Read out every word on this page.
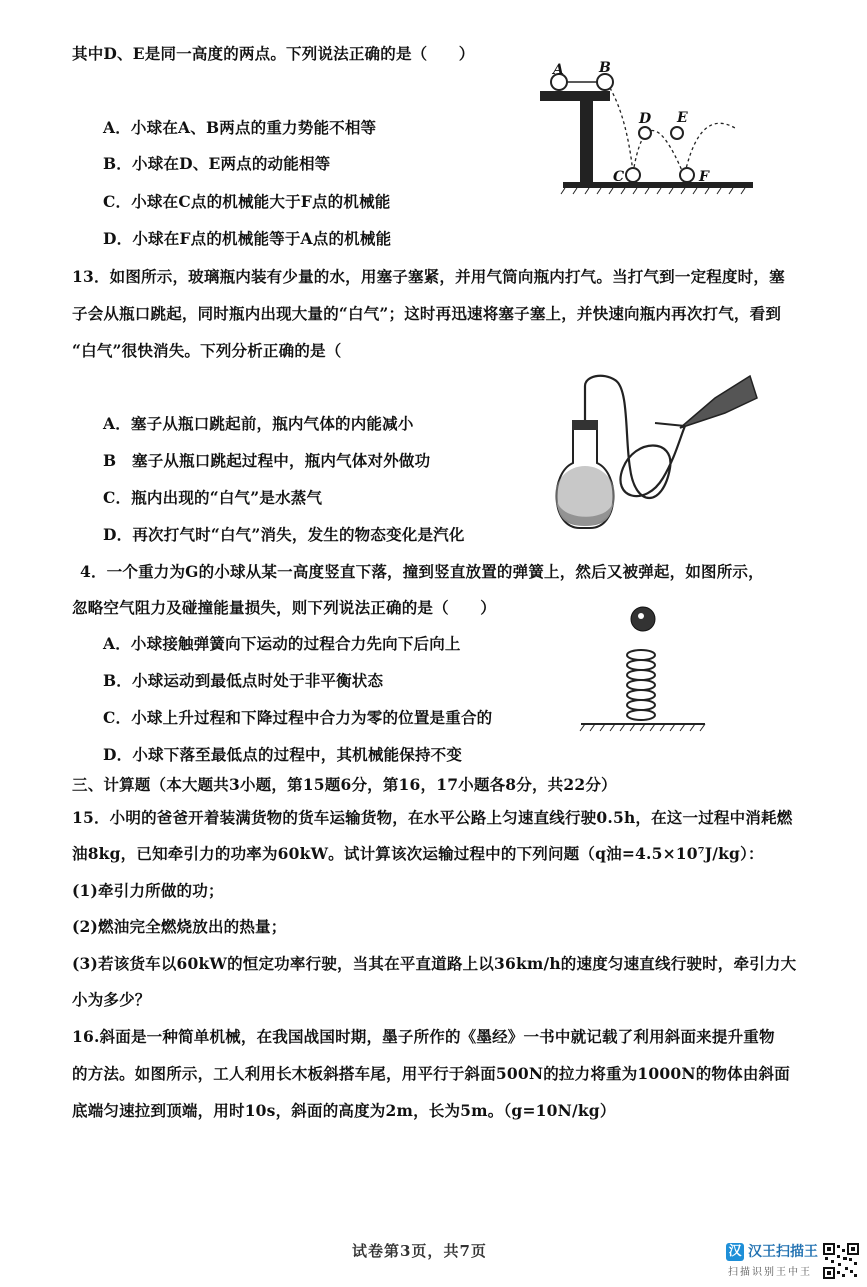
其中D、E是同一高度的两点。下列说法正确的是（　　）
A．小球在A、B两点的重力势能不相等
B．小球在D、E两点的动能相等
C．小球在C点的机械能大于F点的机械能
D．小球在F点的机械能等于A点的机械能
13．如图所示，玻璃瓶内装有少量的水，用塞子塞紧，并用气筒向瓶内打气。当打气到一定程度时，塞
子会从瓶口跳起，同时瓶内出现大量的“白气”；这时再迅速将塞子塞上，并快速向瓶内再次打气，看到
“白气”很快消失。下列分析正确的是（
A．塞子从瓶口跳起前，瓶内气体的内能减小
B　塞子从瓶口跳起过程中，瓶内气体对外做功
C．瓶内出现的“白气”是水蒸气
D．再次打气时“白气”消失，发生的物态变化是汽化
4．一个重力为G的小球从某一高度竖直下落，撞到竖直放置的弹簧上，然后又被弹起，如图所示，
忽略空气阻力及碰撞能量损失，则下列说法正确的是（　　）
A．小球接触弹簧向下运动的过程合力先向下后向上
B．小球运动到最低点时处于非平衡状态
C．小球上升过程和下降过程中合力为零的位置是重合的
D．小球下落至最低点的过程中，其机械能保持不变
三、计算题（本大题共3小题，第15题6分，第16，17小题各8分，共22分）
15．小明的爸爸开着装满货物的货车运输货物，在水平公路上匀速直线行驶0.5h，在这一过程中消耗燃
油8kg，已知牵引力的功率为60kW。试计算该次运输过程中的下列问题（q油=4.5×10⁷J/kg）：
(1)牵引力所做的功；
(2)燃油完全燃烧放出的热量；
(3)若该货车以60kW的恒定功率行驶，当其在平直道路上以36km/h的速度匀速直线行驶时，牵引力大
小为多少？
16.斜面是一种简单机械，在我国战国时期，墨子所作的《墨经》一书中就记载了利用斜面来提升重物
的方法。如图所示，工人利用长木板斜搭车尾，用平行于斜面500N的拉力将重为1000N的物体由斜面
底端匀速拉到顶端，用时10s，斜面的高度为2m，长为5m。（g=10N/kg）
A	B
C
D E
F
试卷第3页，共7页	汉 汉王扫描王
扫描识别王中王
